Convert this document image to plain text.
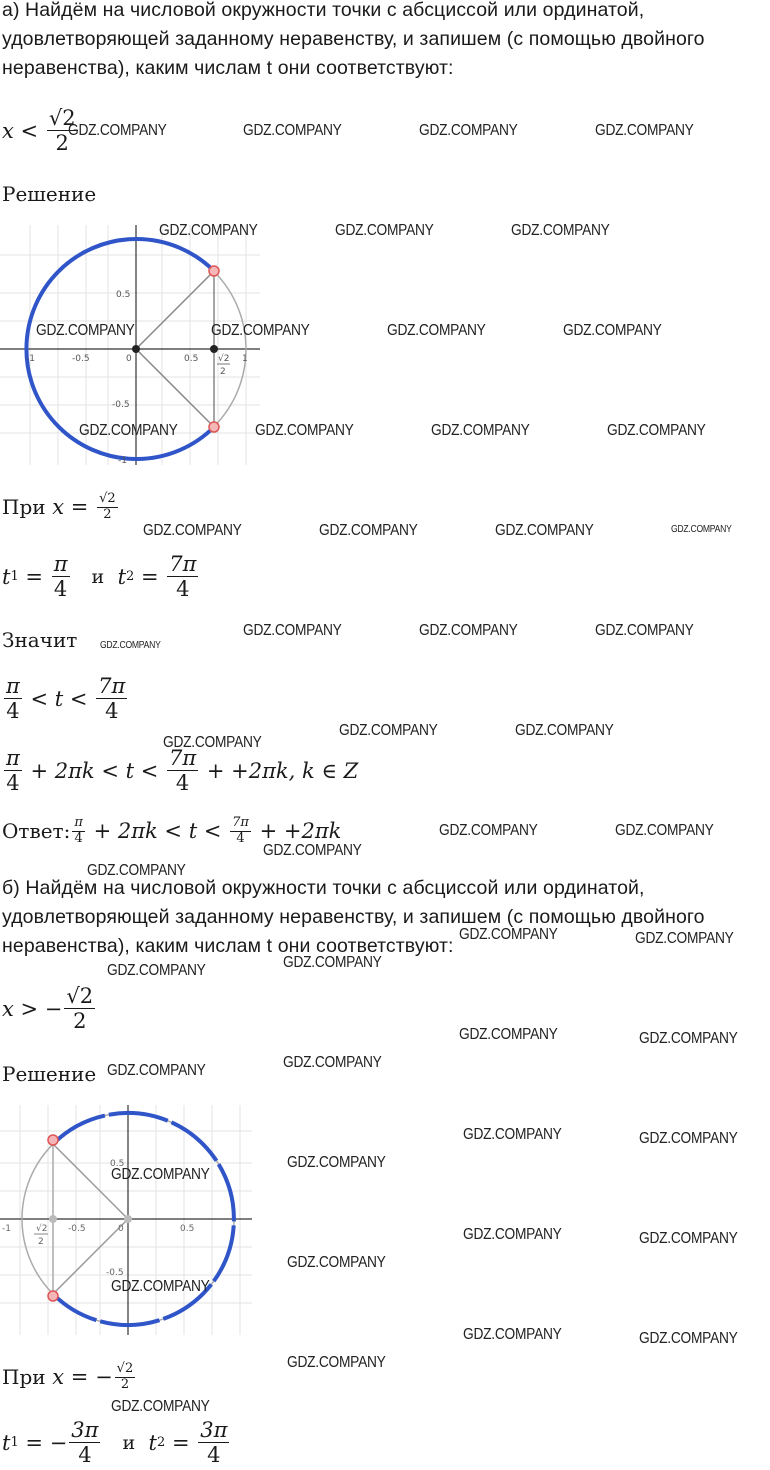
а) Найдём на числовой окружности точки с абсциссой или ординатой, удовлетворяющей заданному неравенству, и запишем (с помощью двойного неравенства), каким числам t они соответствуют:
x
<
$\frac{√2}{2}$
Решение
-1	-0.5	0	0.5	1
0.5
-0.5
-1
√2
2
При
x
=
$\frac{√2}{2}$
t $1 = \frac{\pi}{4}$
и
t $2 = \frac{7\pi}{4}$
Значит
$\frac{\pi}{4}$
< t <
$\frac{7\pi}{4}$
$\frac{\pi}{4}$
+ 2πk < t <
$\frac{7\pi}{4}$
+ +2πk, k ∈ Z
Ответ: $\frac{\pi}{4}$
+ 2πk < t <
$\frac{7\pi}{4}$
+ +2πk
б) Найдём на числовой окружности точки с абсциссой или ординатой, удовлетворяющей заданному неравенству, и запишем (с помощью двойного неравенства), каким числам t они соответствуют:
x
> − $\frac{√2}{2}$
Решение
-1	-0.5	0	0.5
0.5
-0.5
√2
2
При
x
= − $\frac{√2}{2}$
t 1
= − $\frac{3\pi}{4}$
и
t $2 = \frac{3\pi}{4}$
GDZ.COMPANY	GDZ.COMPANY	GDZ.COMPANY	GDZ.COMPANY
GDZ.COMPANY	GDZ.COMPANY	GDZ.COMPANY
GDZ.COMPANY	GDZ.COMPANY	GDZ.COMPANY	GDZ.COMPANY
GDZ.COMPANY	GDZ.COMPANY	GDZ.COMPANY	GDZ.COMPANY
GDZ.COMPANY	GDZ.COMPANY	GDZ.COMPANY	GDZ.COMPANY
GDZ.COMPANY
GDZ.COMPANY	GDZ.COMPANY	GDZ.COMPANY
GDZ.COMPANY	GDZ.COMPANY
GDZ.COMPANY
GDZ.COMPANY	GDZ.COMPANY
GDZ.COMPANY
GDZ.COMPANY
GDZ.COMPANY	GDZ.COMPANY
GDZ.COMPANY
GDZ.COMPANY
GDZ.COMPANY	GDZ.COMPANY
GDZ.COMPANY
GDZ.COMPANY
GDZ.COMPANY	GDZ.COMPANY
GDZ.COMPANY
GDZ.COMPANY
GDZ.COMPANY	GDZ.COMPANY
GDZ.COMPANY
GDZ.COMPANY
GDZ.COMPANY	GDZ.COMPANY
GDZ.COMPANY
GDZ.COMPANY
